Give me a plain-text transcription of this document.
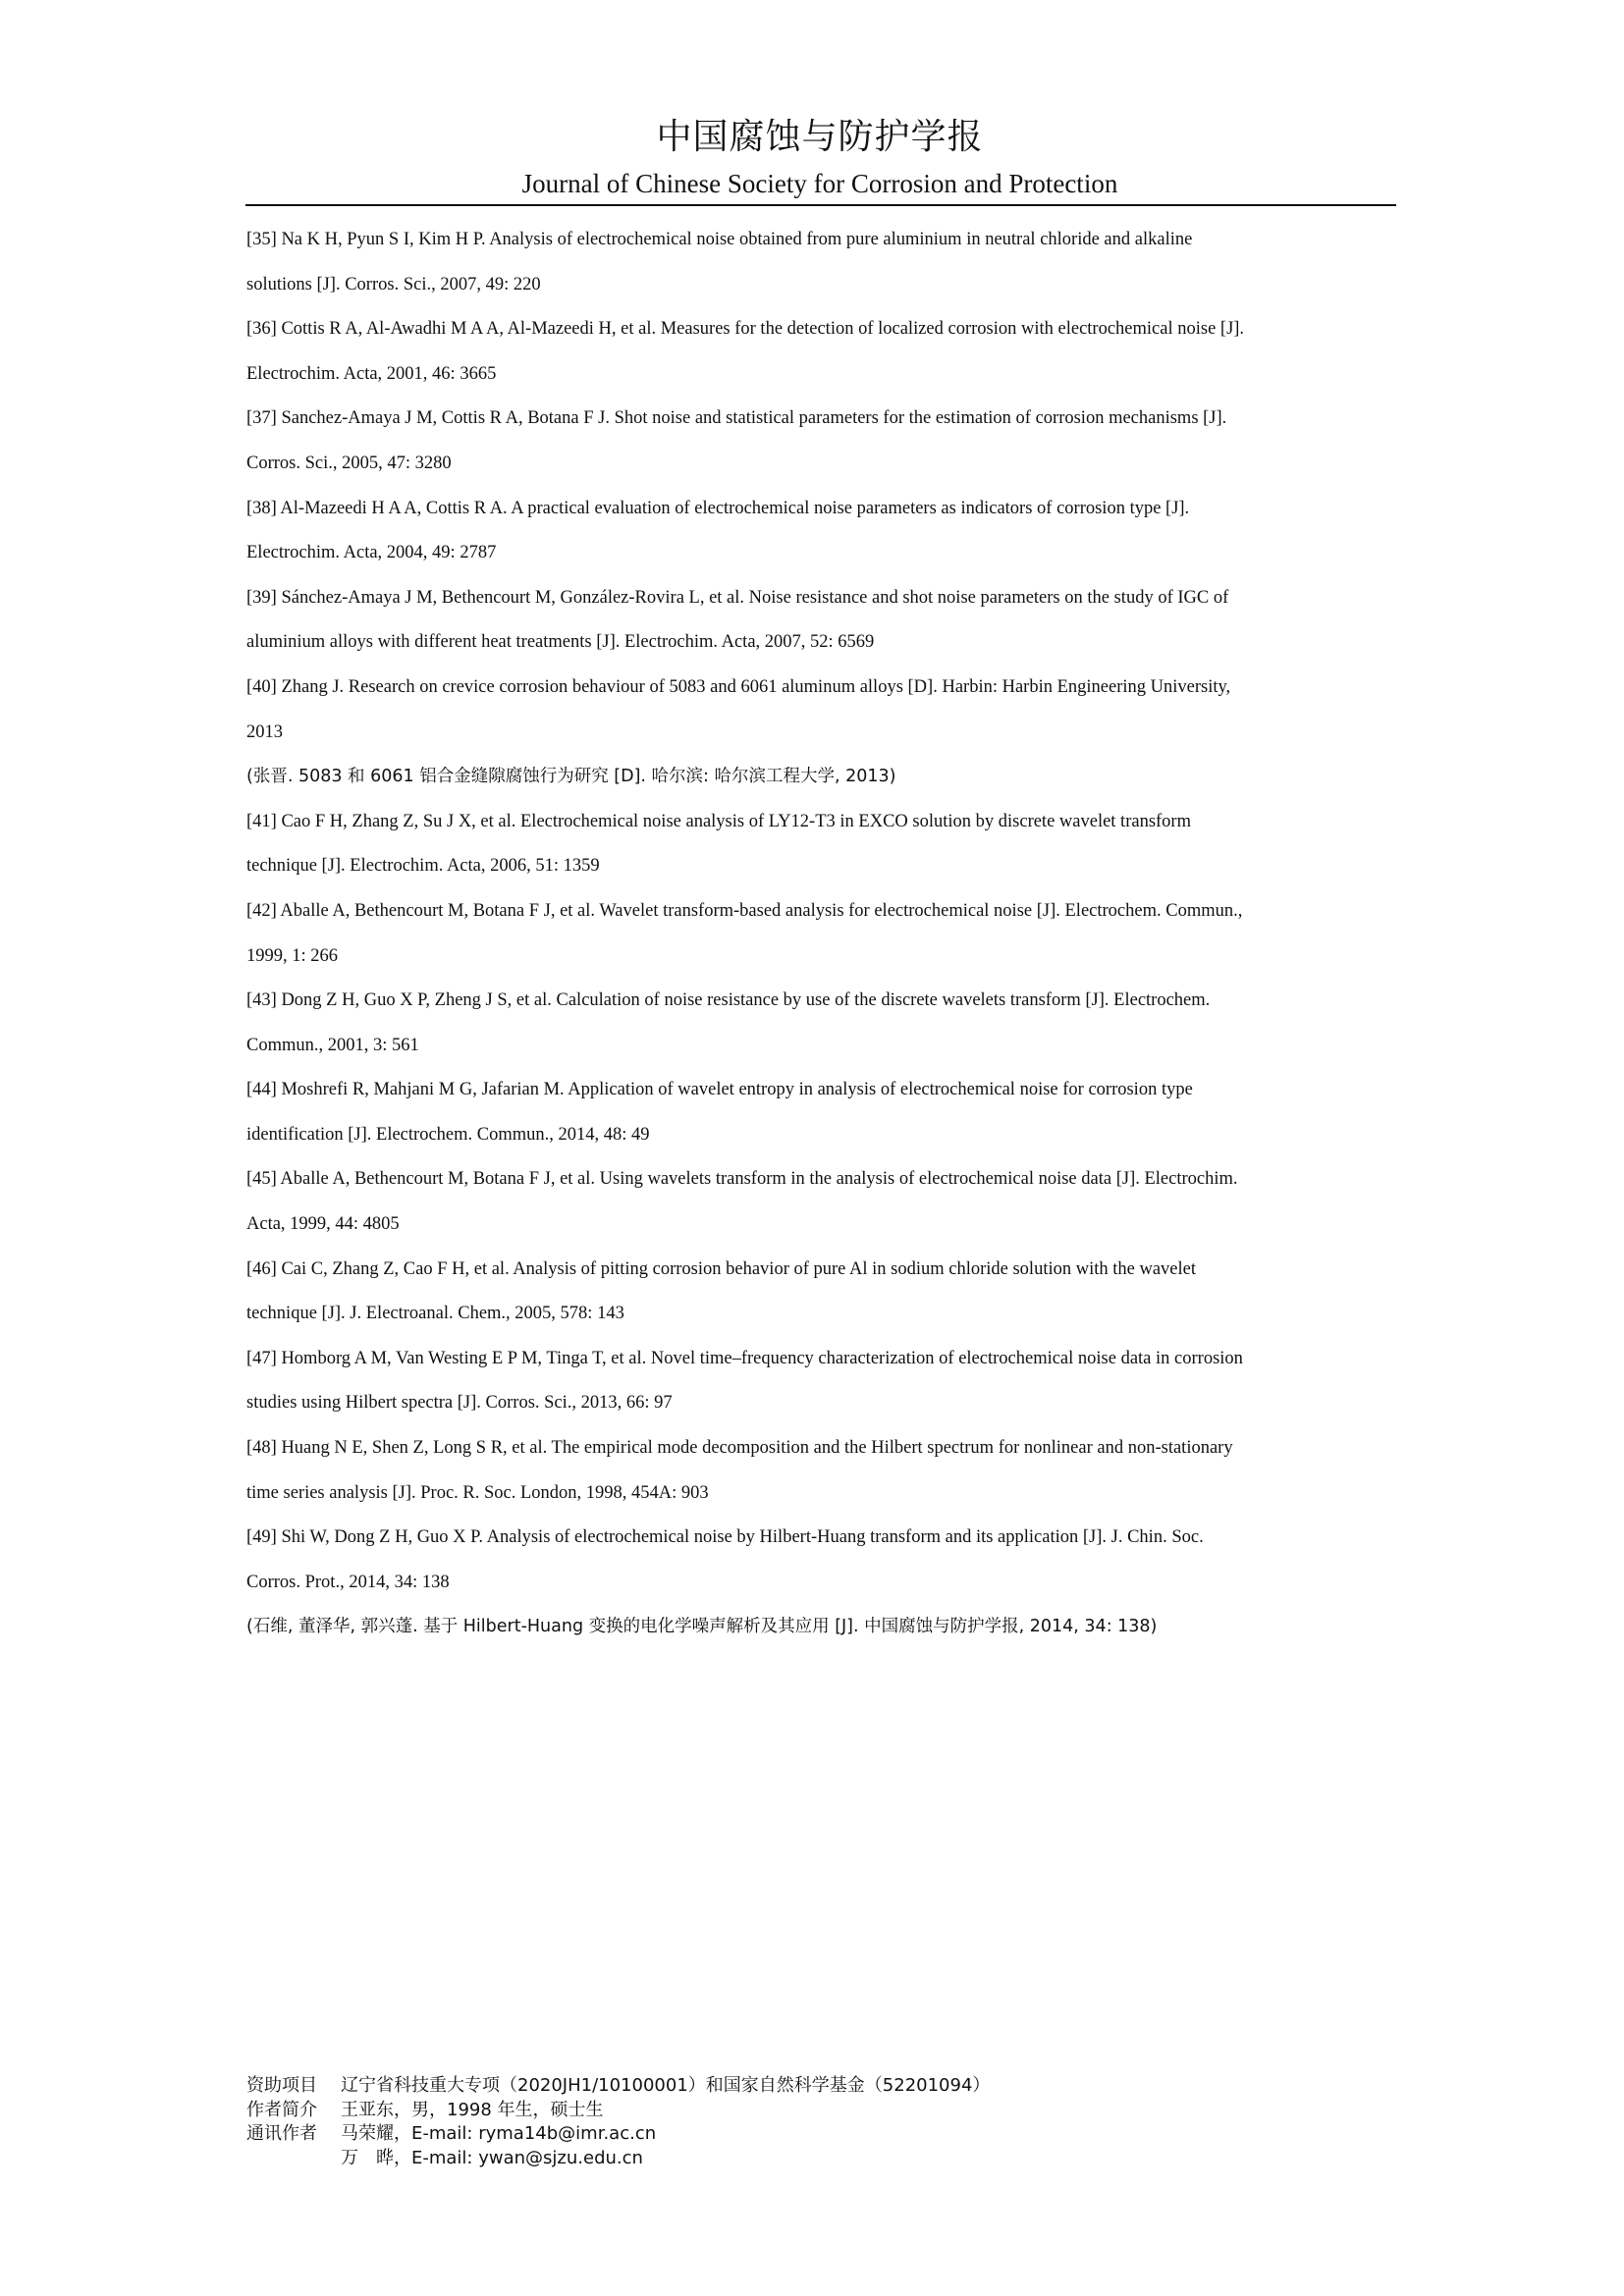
中国腐蚀与防护学报
Journal of Chinese Society for Corrosion and Protection
[35] Na K H, Pyun S I, Kim H P. Analysis of electrochemical noise obtained from pure aluminium in neutral chloride and alkaline
solutions [J]. Corros. Sci., 2007, 49: 220
[36] Cottis R A, Al-Awadhi M A A, Al-Mazeedi H, et al. Measures for the detection of localized corrosion with electrochemical noise [J].
Electrochim. Acta, 2001, 46: 3665
[37] Sanchez-Amaya J M, Cottis R A, Botana F J. Shot noise and statistical parameters for the estimation of corrosion mechanisms [J].
Corros. Sci., 2005, 47: 3280
[38] Al-Mazeedi H A A, Cottis R A. A practical evaluation of electrochemical noise parameters as indicators of corrosion type [J].
Electrochim. Acta, 2004, 49: 2787
[39] Sánchez-Amaya J M, Bethencourt M, González-Rovira L, et al. Noise resistance and shot noise parameters on the study of IGC of
aluminium alloys with different heat treatments [J]. Electrochim. Acta, 2007, 52: 6569
[40] Zhang J. Research on crevice corrosion behaviour of 5083 and 6061 aluminum alloys [D]. Harbin: Harbin Engineering University,
2013
(张晋. 5083 和 6061 铝合金缝隙腐蚀行为研究 [D]. 哈尔滨: 哈尔滨工程大学, 2013)
[41] Cao F H, Zhang Z, Su J X, et al. Electrochemical noise analysis of LY12-T3 in EXCO solution by discrete wavelet transform
technique [J]. Electrochim. Acta, 2006, 51: 1359
[42] Aballe A, Bethencourt M, Botana F J, et al. Wavelet transform-based analysis for electrochemical noise [J]. Electrochem. Commun.,
1999, 1: 266
[43] Dong Z H, Guo X P, Zheng J S, et al. Calculation of noise resistance by use of the discrete wavelets transform [J]. Electrochem.
Commun., 2001, 3: 561
[44] Moshrefi R, Mahjani M G, Jafarian M. Application of wavelet entropy in analysis of electrochemical noise for corrosion type
identification [J]. Electrochem. Commun., 2014, 48: 49
[45] Aballe A, Bethencourt M, Botana F J, et al. Using wavelets transform in the analysis of electrochemical noise data [J]. Electrochim.
Acta, 1999, 44: 4805
[46] Cai C, Zhang Z, Cao F H, et al. Analysis of pitting corrosion behavior of pure Al in sodium chloride solution with the wavelet
technique [J]. J. Electroanal. Chem., 2005, 578: 143
[47] Homborg A M, Van Westing E P M, Tinga T, et al. Novel time–frequency characterization of electrochemical noise data in corrosion
studies using Hilbert spectra [J]. Corros. Sci., 2013, 66: 97
[48] Huang N E, Shen Z, Long S R, et al. The empirical mode decomposition and the Hilbert spectrum for nonlinear and non-stationary
time series analysis [J]. Proc. R. Soc. London, 1998, 454A: 903
[49] Shi W, Dong Z H, Guo X P. Analysis of electrochemical noise by Hilbert-Huang transform and its application [J]. J. Chin. Soc.
Corros. Prot., 2014, 34: 138
(石维, 董泽华, 郭兴蓬. 基于 Hilbert-Huang 变换的电化学噪声解析及其应用 [J]. 中国腐蚀与防护学报, 2014, 34: 138)
资助项目	辽宁省科技重大专项（2020JH1/10100001）和国家自然科学基金（52201094）
作者简介	王亚东，男，1998 年生，硕士生
通讯作者	马荣耀，E-mail: ryma14b@imr.ac.cn
万　晔，E-mail: ywan@sjzu.edu.cn
